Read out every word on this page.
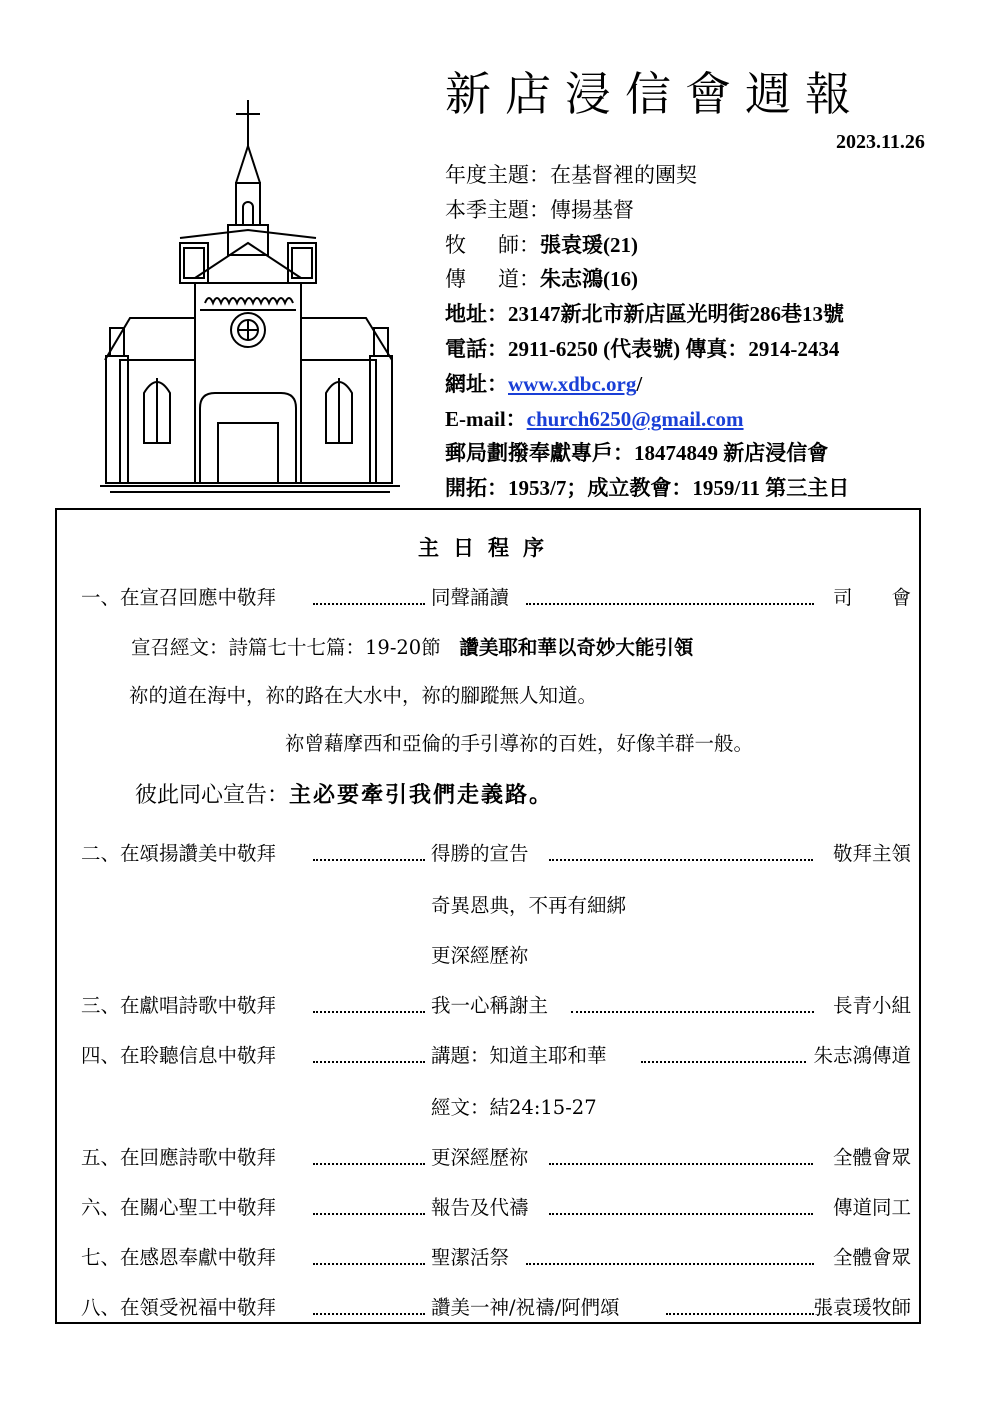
新店浸信會週報
2023.11.26
年度主題：在基督裡的團契
本季主題：傳揚基督
牧 師：張袁瑗(21)
傳 道：朱志鴻(16)
地址：23147新北市新店區光明街286巷13號
電話：2911-6250 (代表號) 傳真：2914-2434
網址：www.xdbc.org/
E-mail：church6250@gmail.com
郵局劃撥奉獻專戶：18474849 新店浸信會
開拓：1953/7；成立教會：1959/11 第三主日
主日程序
一、在宣召回應中敬拜	同聲誦讀	司　　會
宣召經文：詩篇七十七篇：19-20節 讚美耶和華以奇妙大能引領
祢的道在海中，祢的路在大水中，祢的腳蹤無人知道。
祢曾藉摩西和亞倫的手引導祢的百姓，好像羊群一般。
彼此同心宣告：主必要牽引我們走義路。
二、在頌揚讚美中敬拜	得勝的宣告	敬拜主領
奇異恩典，不再有細綁
更深經歷祢
三、在獻唱詩歌中敬拜	我一心稱謝主	長青小組
四、在聆聽信息中敬拜	講題：知道主耶和華	朱志鴻傳道
經文：結24:15-27
五、在回應詩歌中敬拜	更深經歷祢	全體會眾
六、在關心聖工中敬拜	報告及代禱	傳道同工
七、在感恩奉獻中敬拜	聖潔活祭	全體會眾
八、在領受祝福中敬拜	讚美一神/祝禱/阿們頌	張袁瑗牧師
